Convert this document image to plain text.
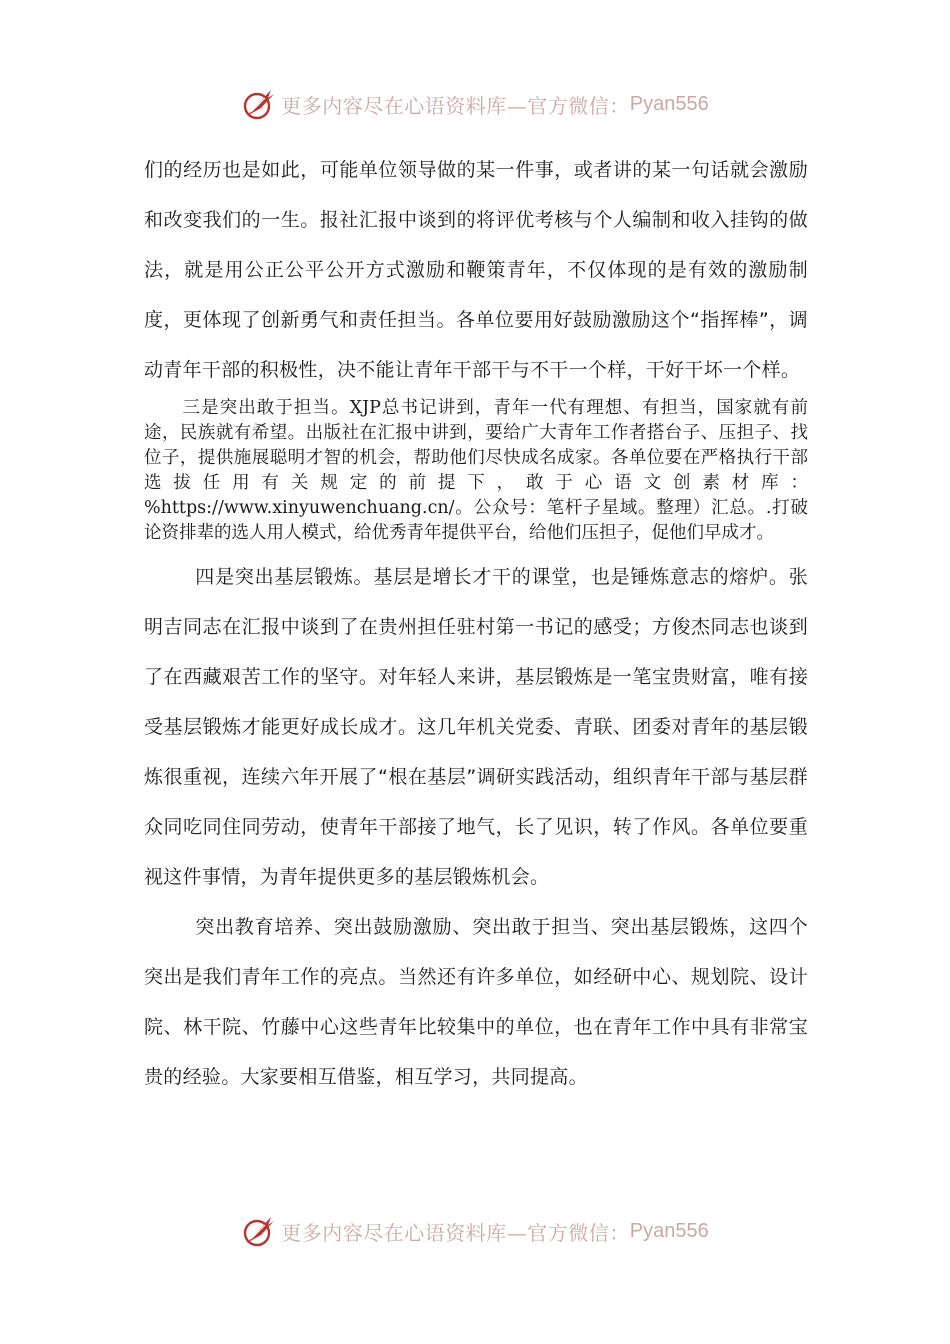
更多内容尽在心语资料库—官方微信： Pyan556

们的经历也是如此，可能单位领导做的某一件事，或者讲的某一句话就会激励和改变我们的一生。报社汇报中谈到的将评优考核与个人编制和收入挂钩的做法，就是用公正公平公开方式激励和鞭策青年，不仅体现的是有效的激励制度，更体现了创新勇气和责任担当。各单位要用好鼓励激励这个“指挥棒”，调动青年干部的积极性，决不能让青年干部干与不干一个样，干好干坏一个样。

三是突出敢于担当。XJP总书记讲到，青年一代有理想、有担当，国家就有前途，民族就有希望。出版社在汇报中讲到，要给广大青年工作者搭台子、压担子、找位子，提供施展聪明才智的机会，帮助他们尽快成名成家。各单位要在严格执行干部选拔任用有关规定的前提下，敢于心语文创素材库：%https://www.xinyuwenchuang.cn/。公众号：笔杆子星域。整理）汇总。.打破论资排辈的选人用人模式，给优秀青年提供平台，给他们压担子，促他们早成才。

四是突出基层锻炼。基层是增长才干的课堂，也是锤炼意志的熔炉。张明吉同志在汇报中谈到了在贵州担任驻村第一书记的感受；方俊杰同志也谈到了在西藏艰苦工作的坚守。对年轻人来讲，基层锻炼是一笔宝贵财富，唯有接受基层锻炼才能更好成长成才。这几年机关党委、青联、团委对青年的基层锻炼很重视，连续六年开展了“根在基层”调研实践活动，组织青年干部与基层群众同吃同住同劳动，使青年干部接了地气，长了见识，转了作风。各单位要重视这件事情，为青年提供更多的基层锻炼机会。

突出教育培养、突出鼓励激励、突出敢于担当、突出基层锻炼，这四个突出是我们青年工作的亮点。当然还有许多单位，如经研中心、规划院、设计院、林干院、竹藤中心这些青年比较集中的单位，也在青年工作中具有非常宝贵的经验。大家要相互借鉴，相互学习，共同提高。

更多内容尽在心语资料库—官方微信： Pyan556
